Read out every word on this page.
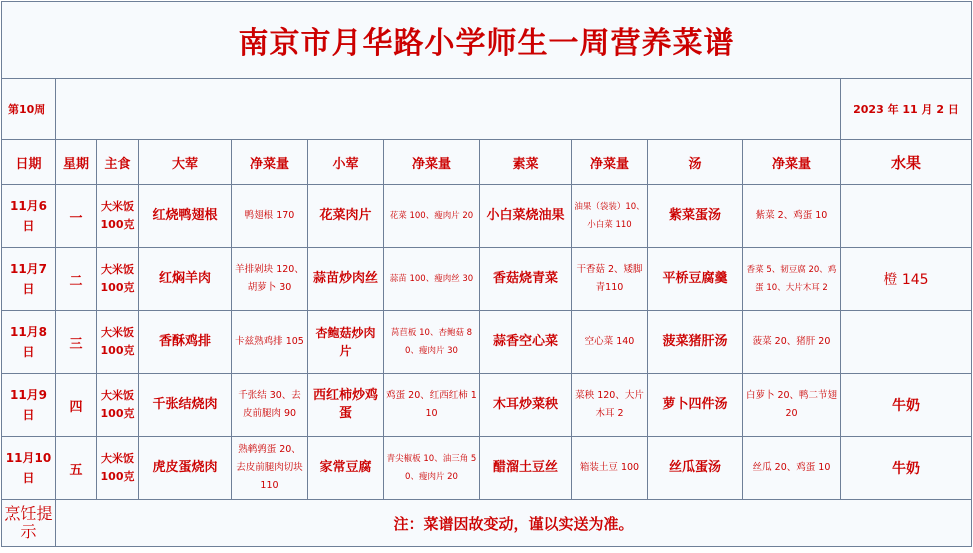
南京市月华路小学师生一周营养菜谱											
第10周											2023 年 11 月 2 日
日期	星期	主食	大荤	净菜量	小荤	净菜量	素菜	净菜量	汤	净菜量	水果
11月6日	一	大米饭100克	红烧鸭翅根	鸭翅根 170	花菜肉片	花菜 100、瘦肉片 20	小白菜烧油果	油果（袋装）10、小白菜 110	紫菜蛋汤	紫菜 2、鸡蛋 10	
11月7日	二	大米饭100克	红焖羊肉	羊排剁块 120、胡萝卜 30	蒜苗炒肉丝	蒜苗 100、瘦肉丝 30	香菇烧青菜	干香菇 2、矮脚青110	平桥豆腐羹	香菜 5、韧豆腐 20、鸡蛋 10、大片木耳 2	橙 145
11月8日	三	大米饭100克	香酥鸡排	卡兹熟鸡排 105	杏鲍菇炒肉片	莴苣板 10、杏鲍菇 80、瘦肉片 30	蒜香空心菜	空心菜 140	菠菜猪肝汤	菠菜 20、猪肝 20	
11月9日	四	大米饭100克	千张结烧肉	千张结 30、去皮前腿肉 90	西红柿炒鸡蛋	鸡蛋 20、红西红柿 110	木耳炒菜秧	菜秧 120、大片木耳 2	萝卜四件汤	白萝卜 20、鸭二节翅 20	牛奶
11月10日	五	大米饭100克	虎皮蛋烧肉	熟鹌鹑蛋 20、去皮前腿肉切块 110	家常豆腐	青尖椒板 10、油三角 50、瘦肉片 20	醋溜土豆丝	箱装土豆 100	丝瓜蛋汤	丝瓜 20、鸡蛋 10	牛奶
烹饪提示	注：菜谱因故变动，谨以实送为准。										
